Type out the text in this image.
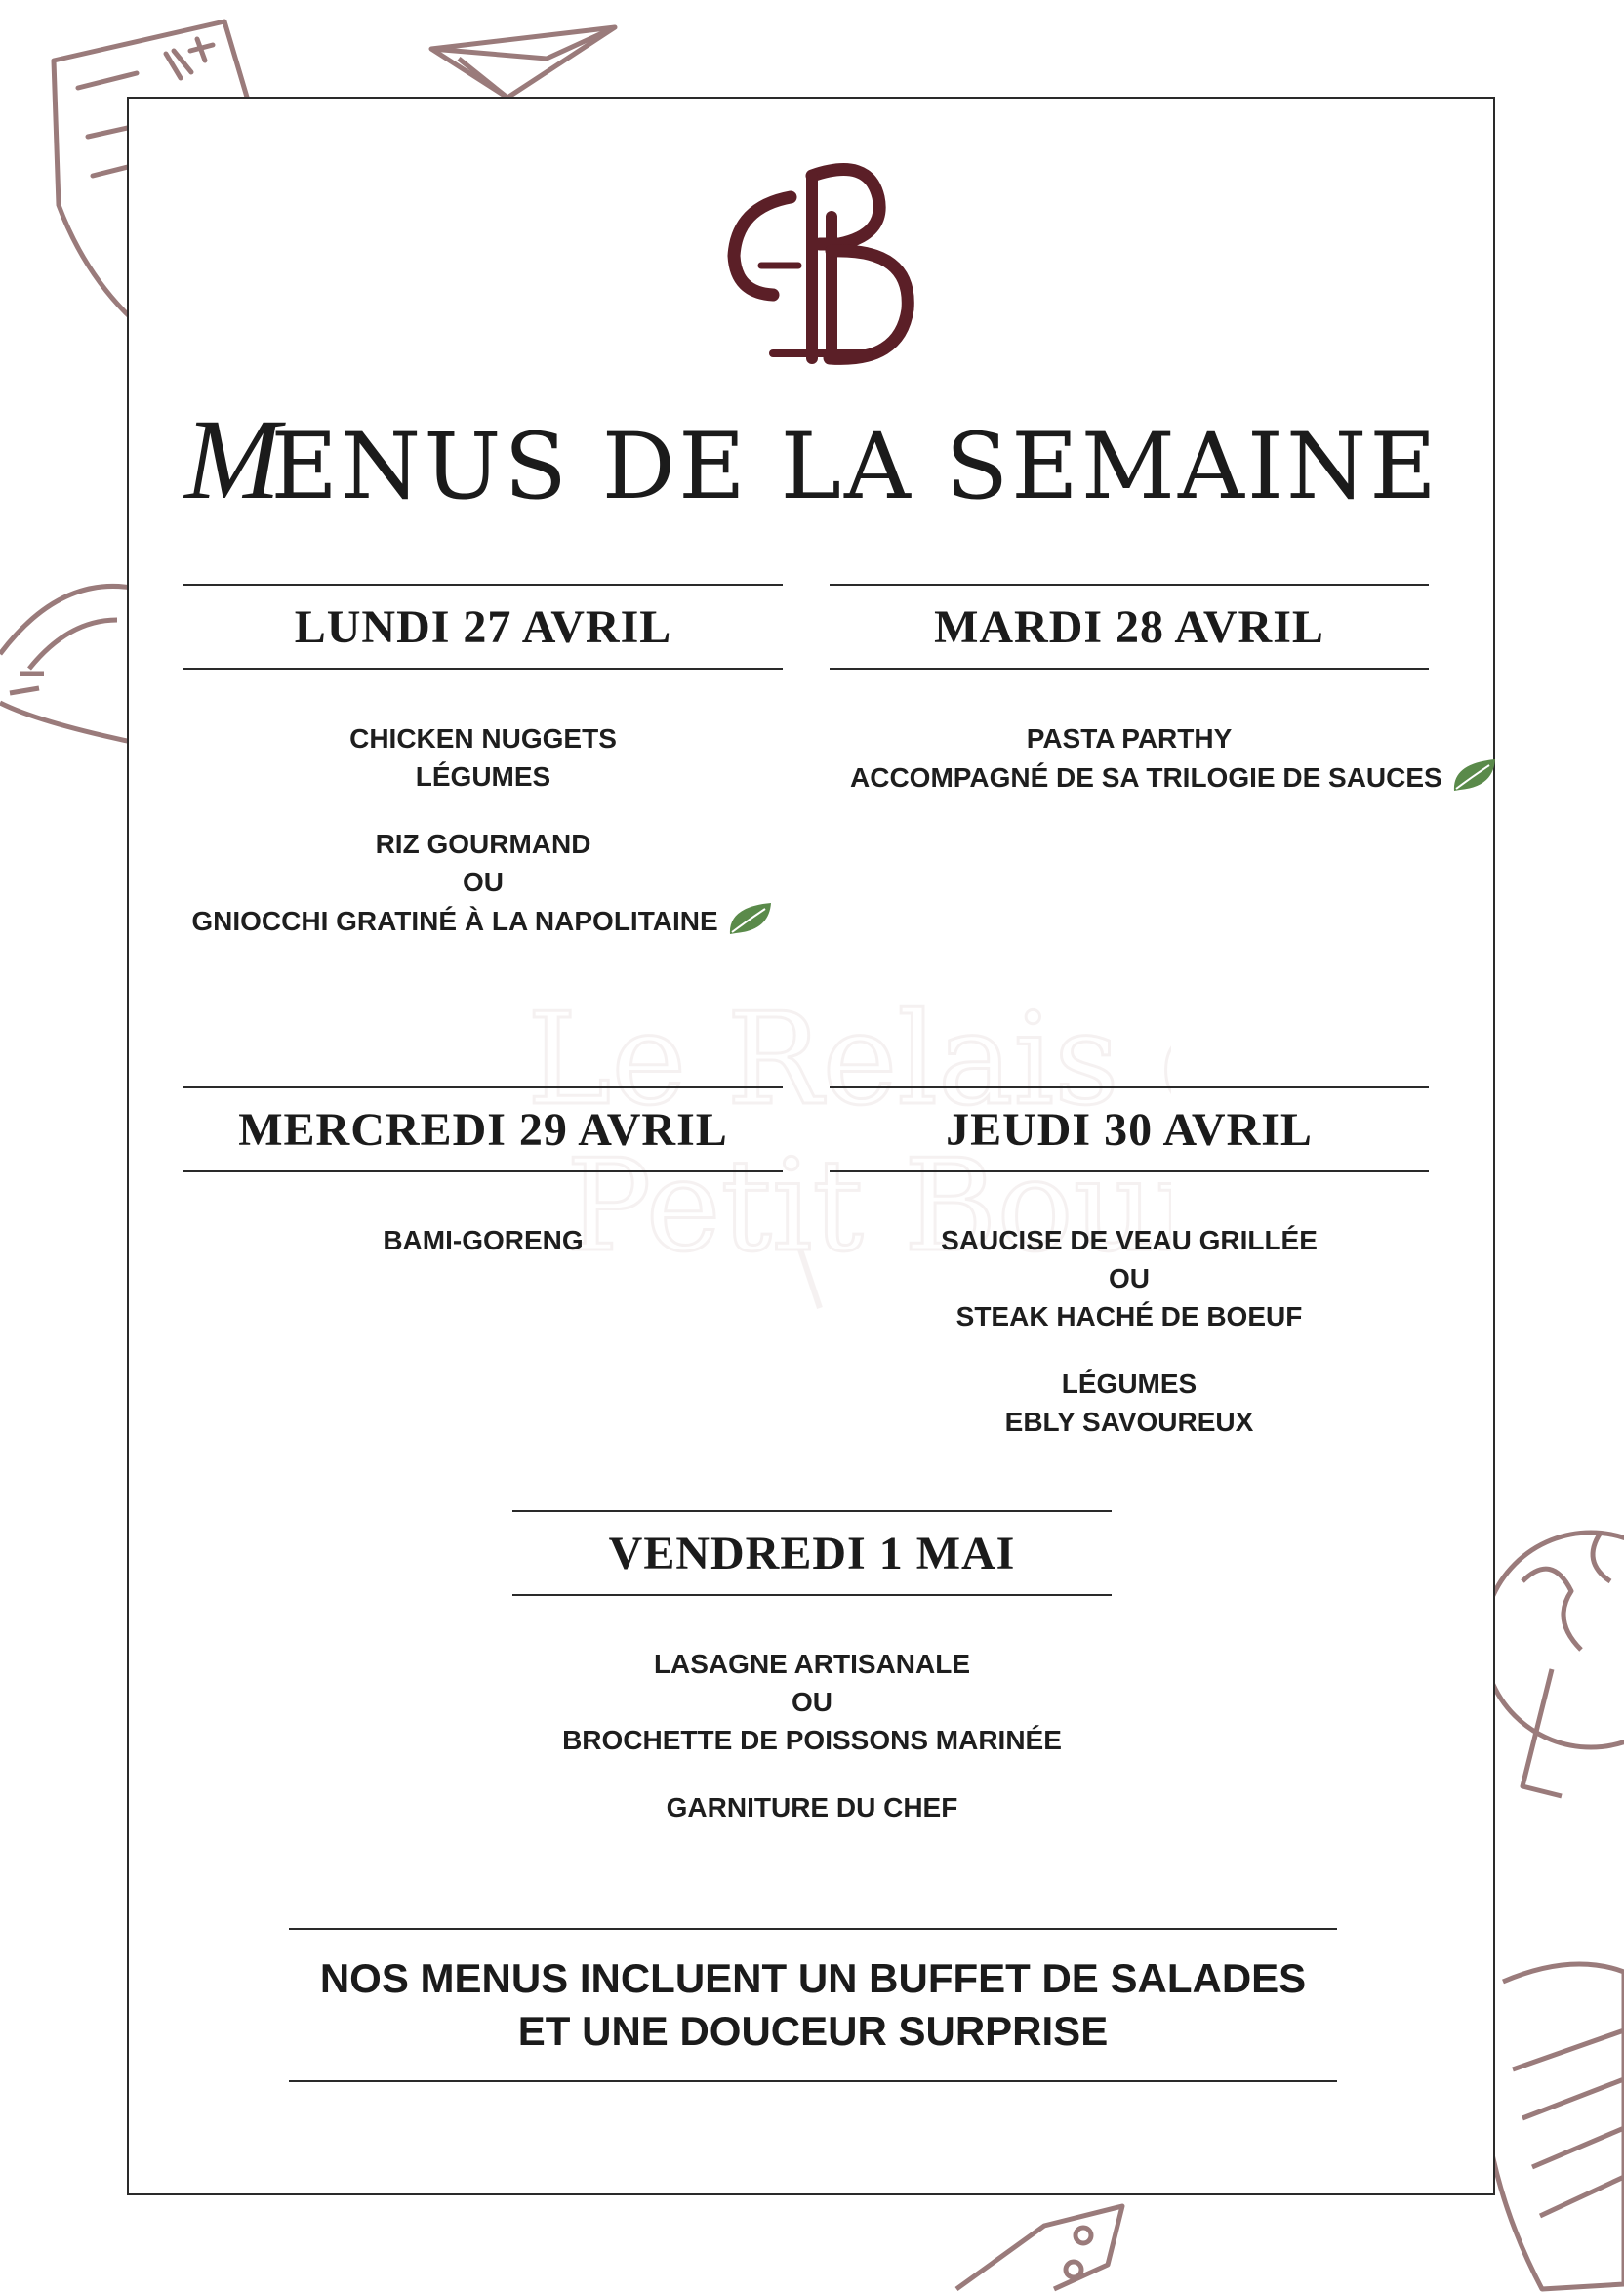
MENUS DE LA SEMAINE
LUNDI 27 AVRIL	MARDI 28 AVRIL
MERCREDI 29 AVRIL	JEUDI 30 AVRIL
VENDREDI 1 MAI
CHICKEN NUGGETS
LÉGUMES
RIZ GOURMAND
OU
GNIOCCHI GRATINÉ À LA NAPOLITAINE
PASTA PARTHY
ACCOMPAGNÉ DE SA TRILOGIE DE SAUCES
BAMI-GORENG	SAUCISE DE VEAU GRILLÉE
OU
STEAK HACHÉ DE BOEUF
LÉGUMES
EBLY SAVOUREUX
LASAGNE ARTISANALE
OU
BROCHETTE DE POISSONS MARINÉE
GARNITURE DU CHEF
NOS MENUS INCLUENT UN BUFFET DE SALADES
ET UNE DOUCEUR SURPRISE
